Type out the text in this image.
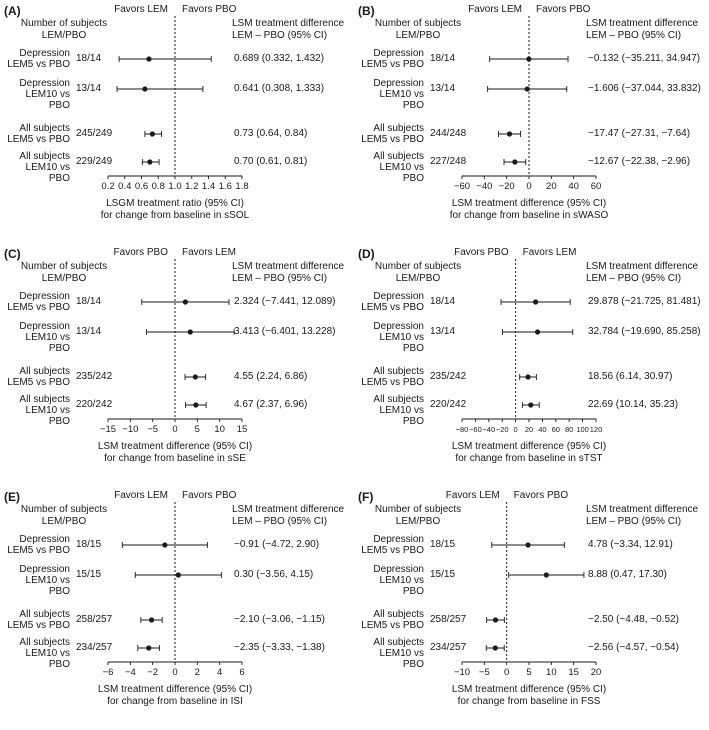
(A)	Favors LEM Favors PBO
Number of subjects
LEM/PBO
LSM treatment difference
LEM – PBO (95% CI)
0.2 0.4 0.6 0.8 1.0 1.2 1.4 1.6 1.8
Depression
LEM5 vs PBO
18/14	0.689 (0.332, 1.432)
Depression
LEM10 vs PBO
13/14	0.641 (0.308, 1.333)
All subjects
LEM5 vs PBO
245/249	0.73 (0.64, 0.84)
All subjects
LEM10 vs PBO
229/249	0.70 (0.61, 0.81)
LSGM treatment ratio (95% CI)
for change from baseline in sSOL
(B)	Favors LEM Favors PBO
Number of subjects
LEM/PBO
LSM treatment difference
LEM – PBO (95% CI)
−60 −40 −20 0 20 40 60
Depression
LEM5 vs PBO
18/14	−0.132 (−35.211, 34.947)
Depression
LEM10 vs PBO
13/14	−1.606 (−37.044, 33.832)
All subjects
LEM5 vs PBO
244/248	−17.47 (−27.31, −7.64)
All subjects
LEM10 vs PBO
227/248	−12.67 (−22.38, −2.96)
LSM treatment difference (95% CI)
for change from baseline in sWASO
(C)	Favors PBO Favors LEM
Number of subjects
LEM/PBO
LSM treatment difference
LEM – PBO (95% CI)
−15 −10 −5 0 5 10 15
Depression
LEM5 vs PBO
18/14	2.324 (−7.441, 12.089)
Depression
LEM10 vs PBO
13/14	3.413 (−6.401, 13.228)
All subjects
LEM5 vs PBO
235/242	4.55 (2.24, 6.86)
All subjects
LEM10 vs PBO
220/242	4.67 (2.37, 6.96)
LSM treatment difference (95% CI)
for change from baseline in sSE
(D)	Favors PBO Favors LEM
Number of subjects
LEM/PBO
LSM treatment difference
LEM – PBO (95% CI)
−80 −60 −40 −20 0 20 40 60 80 100 120
Depression
LEM5 vs PBO
18/14	29.878 (−21.725, 81.481)
Depression
LEM10 vs PBO
13/14	32.784 (−19.690, 85.258)
All subjects
LEM5 vs PBO
235/242	18.56 (6.14, 30.97)
All subjects
LEM10 vs PBO
220/242	22.69 (10.14, 35.23)
LSM treatment difference (95% CI)
for change from baseline in sTST
(E)	Favors LEM Favors PBO
Number of subjects
LEM/PBO
LSM treatment difference
LEM – PBO (95% CI)
−6 −4 −2 0 2 4 6
Depression
LEM5 vs PBO
18/15	−0.91 (−4.72, 2.90)
Depression
LEM10 vs PBO
15/15	0.30 (−3.56, 4.15)
All subjects
LEM5 vs PBO
258/257	−2.10 (−3.06, −1.15)
All subjects
LEM10 vs PBO
234/257	−2.35 (−3.33, −1.38)
LSM treatment difference (95% CI)
for change from baseline in ISI
(F)	Favors LEM Favors PBO
Number of subjects
LEM/PBO
LSM treatment difference
LEM – PBO (95% CI)
−10 −5 0 5 10 15 20
Depression
LEM5 vs PBO
18/15	4.78 (−3.34, 12.91)
Depression
LEM10 vs PBO
15/15	8.88 (0.47, 17.30)
All subjects
LEM5 vs PBO
258/257	−2.50 (−4.48, −0.52)
All subjects
LEM10 vs PBO
234/257	−2.56 (−4.57, −0.54)
LSM treatment difference (95% CI)
for change from baseline in FSS
